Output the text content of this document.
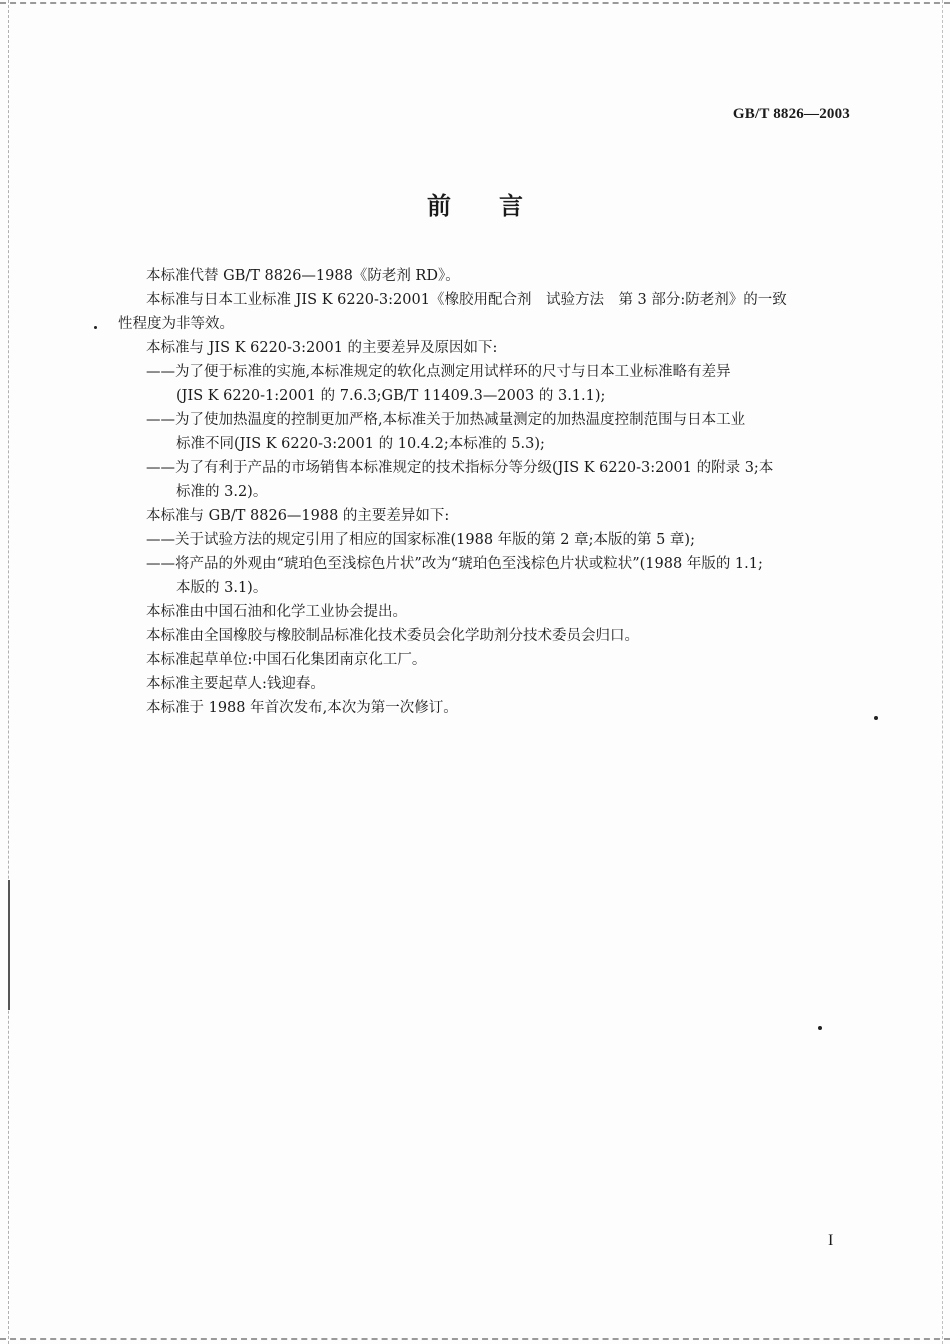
GB/T 8826—2003
前言

本标准代替 GB/T 8826—1988《防老剂 RD》。

本标准与日本工业标准 JIS K 6220-3:2001《橡胶用配合剂　试验方法　第 3 部分:防老剂》的一致

性程度为非等效。

本标准与 JIS K 6220-3:2001 的主要差异及原因如下:

——为了便于标准的实施,本标准规定的软化点测定用试样环的尺寸与日本工业标准略有差异

(JIS K 6220-1:2001 的 7.6.3;GB/T 11409.3—2003 的 3.1.1);

——为了使加热温度的控制更加严格,本标准关于加热减量测定的加热温度控制范围与日本工业

标准不同(JIS K 6220-3:2001 的 10.4.2;本标准的 5.3);

——为了有利于产品的市场销售本标准规定的技术指标分等分级(JIS K 6220-3:2001 的附录 3;本

标准的 3.2)。

本标准与 GB/T 8826—1988 的主要差异如下:

——关于试验方法的规定引用了相应的国家标准(1988 年版的第 2 章;本版的第 5 章);

——将产品的外观由“琥珀色至浅棕色片状”改为“琥珀色至浅棕色片状或粒状”(1988 年版的 1.1;

本版的 3.1)。

本标准由中国石油和化学工业协会提出。

本标准由全国橡胶与橡胶制品标准化技术委员会化学助剂分技术委员会归口。

本标准起草单位:中国石化集团南京化工厂。

本标准主要起草人:钱迎春。

本标准于 1988 年首次发布,本次为第一次修订。

I
